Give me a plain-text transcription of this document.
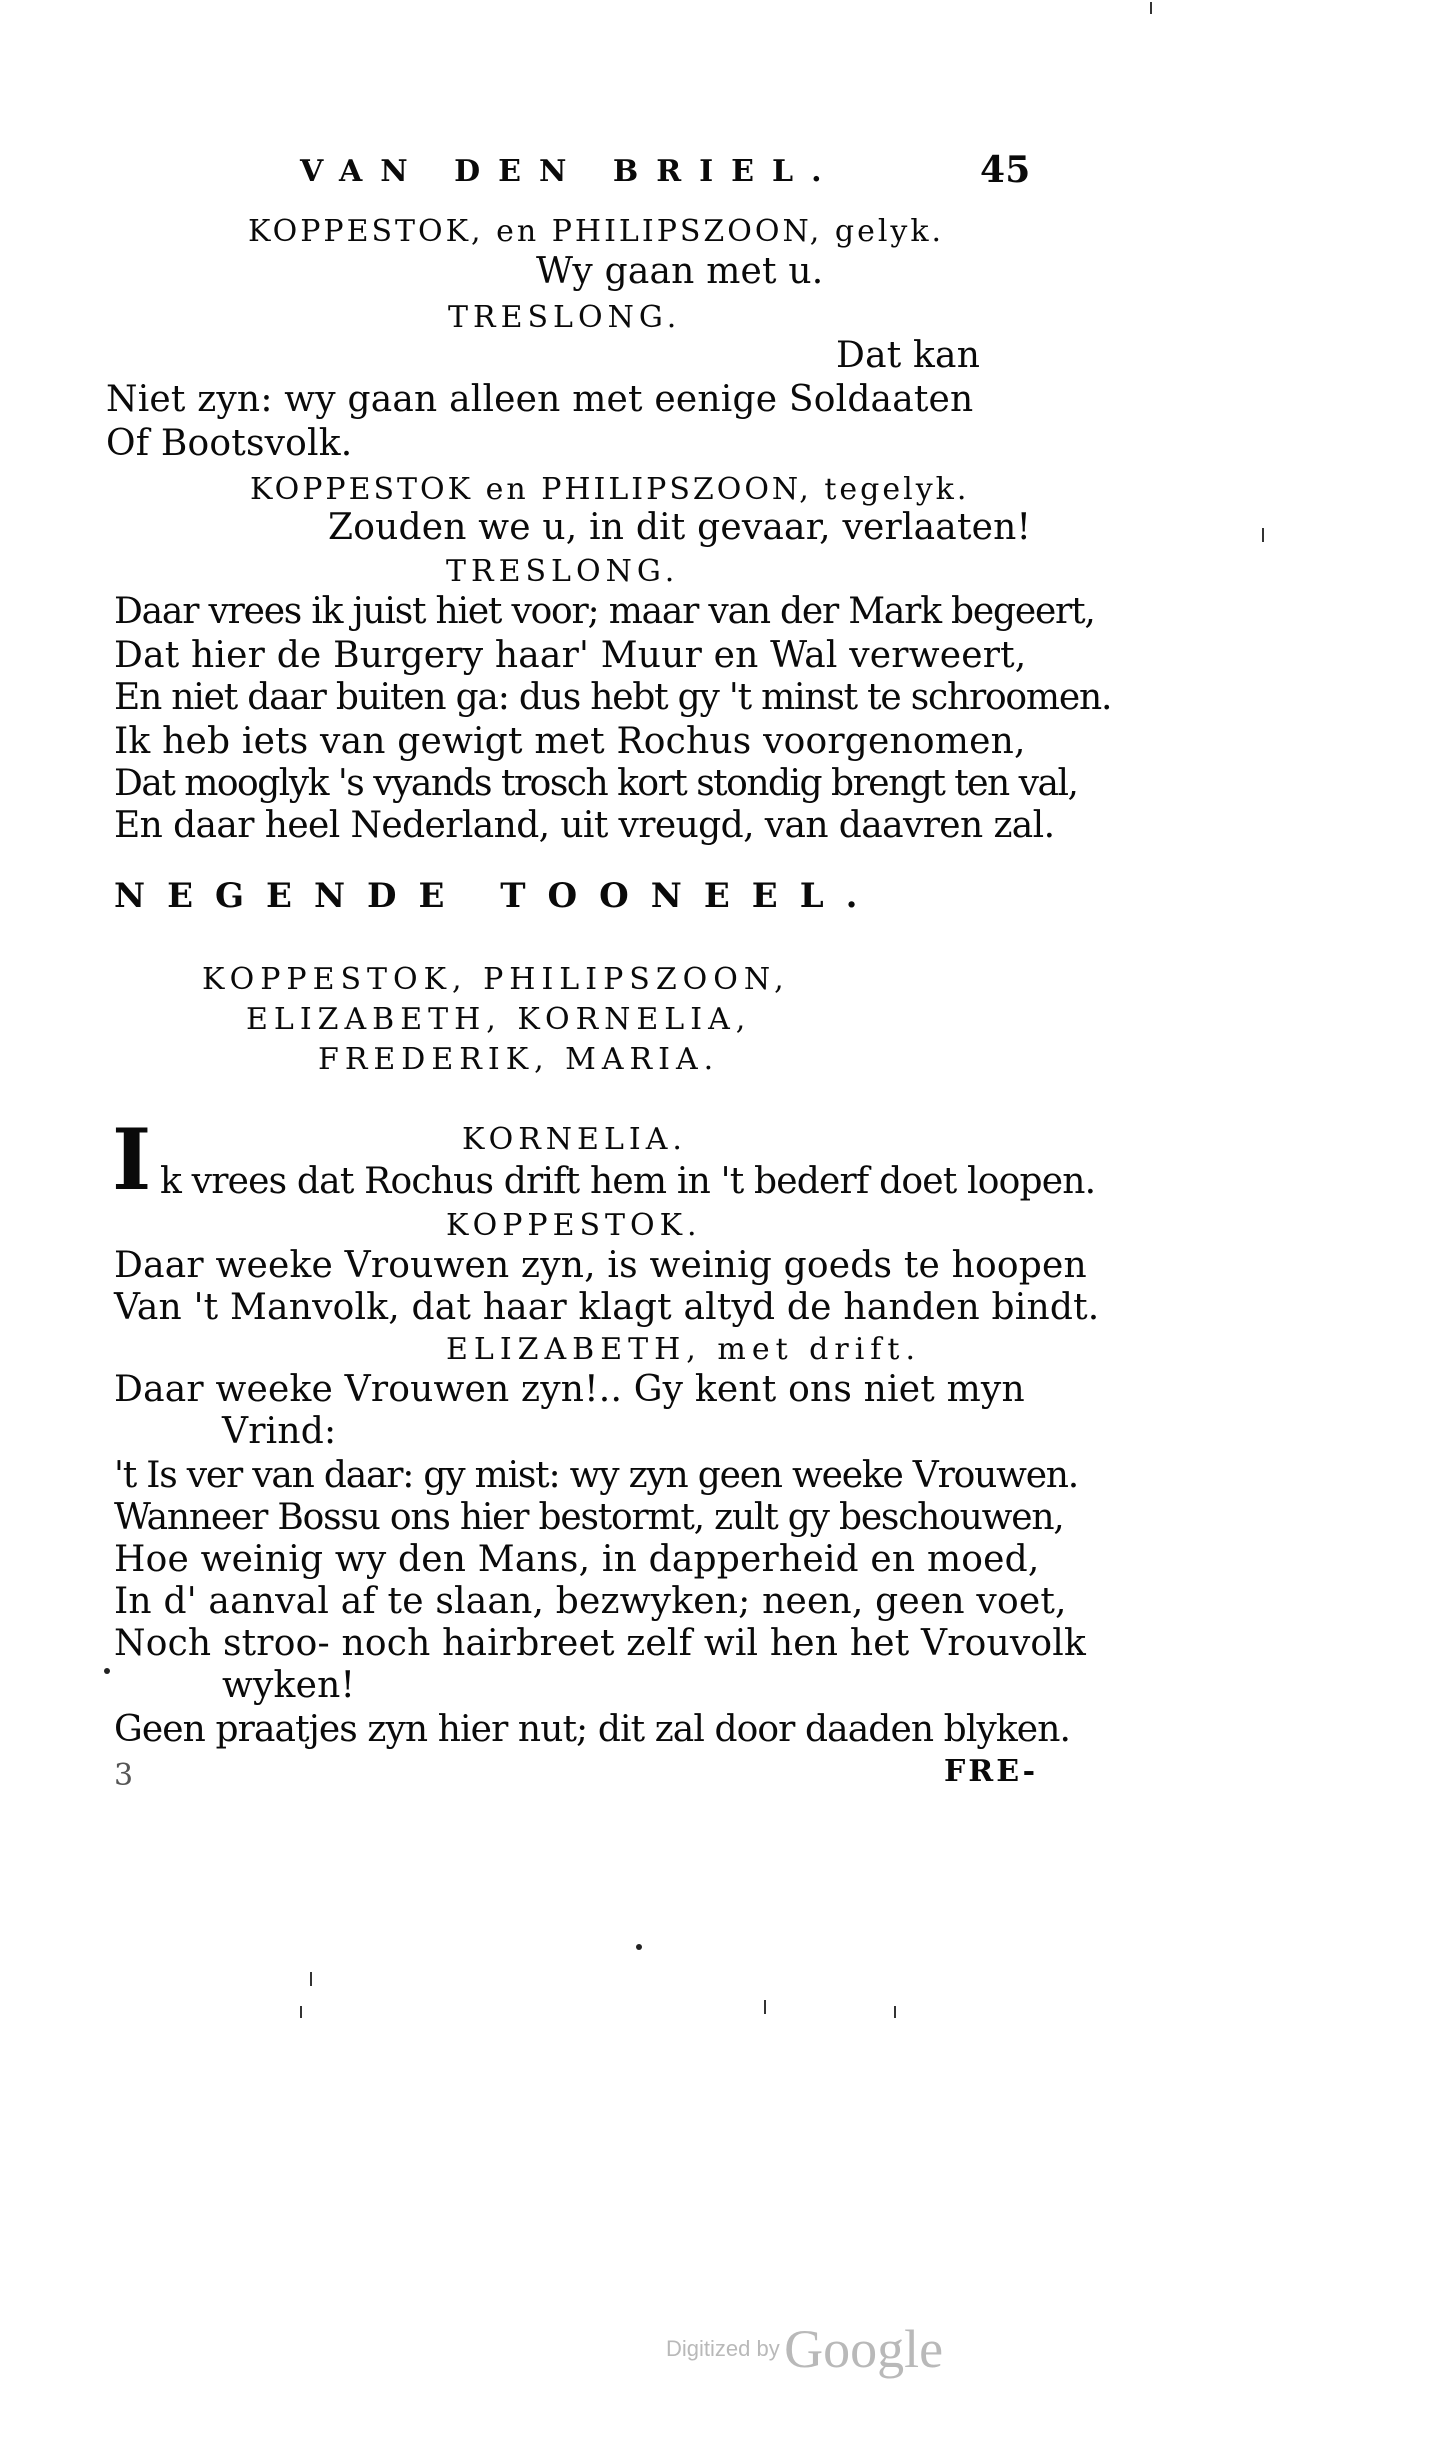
VAN DEN BRIEL.	45
KOPPESTOK, en PHILIPSZOON, gelyk.
Wy gaan met u.
TRESLONG.
Dat kan
Niet zyn: wy gaan alleen met eenige Soldaaten
Of Bootsvolk.
KOPPESTOK en PHILIPSZOON, tegelyk.
Zouden we u, in dit gevaar, verlaaten!
TRESLONG.
Daar vrees ik juist hiet voor; maar van der Mark begeert,
Dat hier de Burgery haar' Muur en Wal verweert,
En niet daar buiten ga: dus hebt gy 't minst te schroomen.
Ik heb iets van gewigt met Rochus voorgenomen,
Dat mooglyk 's vyands trosch kort stondig brengt ten val,
En daar heel Nederland, uit vreugd, van daavren zal.
NEGENDE TOONEEL.
KOPPESTOK, PHILIPSZOON,
ELIZABETH, KORNELIA,
FREDERIK, MARIA.
KORNELIA.
I k vrees dat Rochus drift hem in 't bederf doet loopen.
KOPPESTOK.
Daar weeke Vrouwen zyn, is weinig goeds te hoopen
Van 't Manvolk, dat haar klagt altyd de handen bindt.
ELIZABETH, met drift.
Daar weeke Vrouwen zyn!.. Gy kent ons niet myn
Vrind:
't Is ver van daar: gy mist: wy zyn geen weeke Vrouwen.
Wanneer Bossu ons hier bestormt, zult gy beschouwen,
Hoe weinig wy den Mans, in dapperheid en moed,
In d' aanval af te slaan, bezwyken; neen, geen voet,
Noch stroo- noch hairbreet zelf wil hen het Vrouvolk
wyken!
Geen praatjes zyn hier nut; dit zal door daaden blyken.
3	FRE-
Digitized by Google
